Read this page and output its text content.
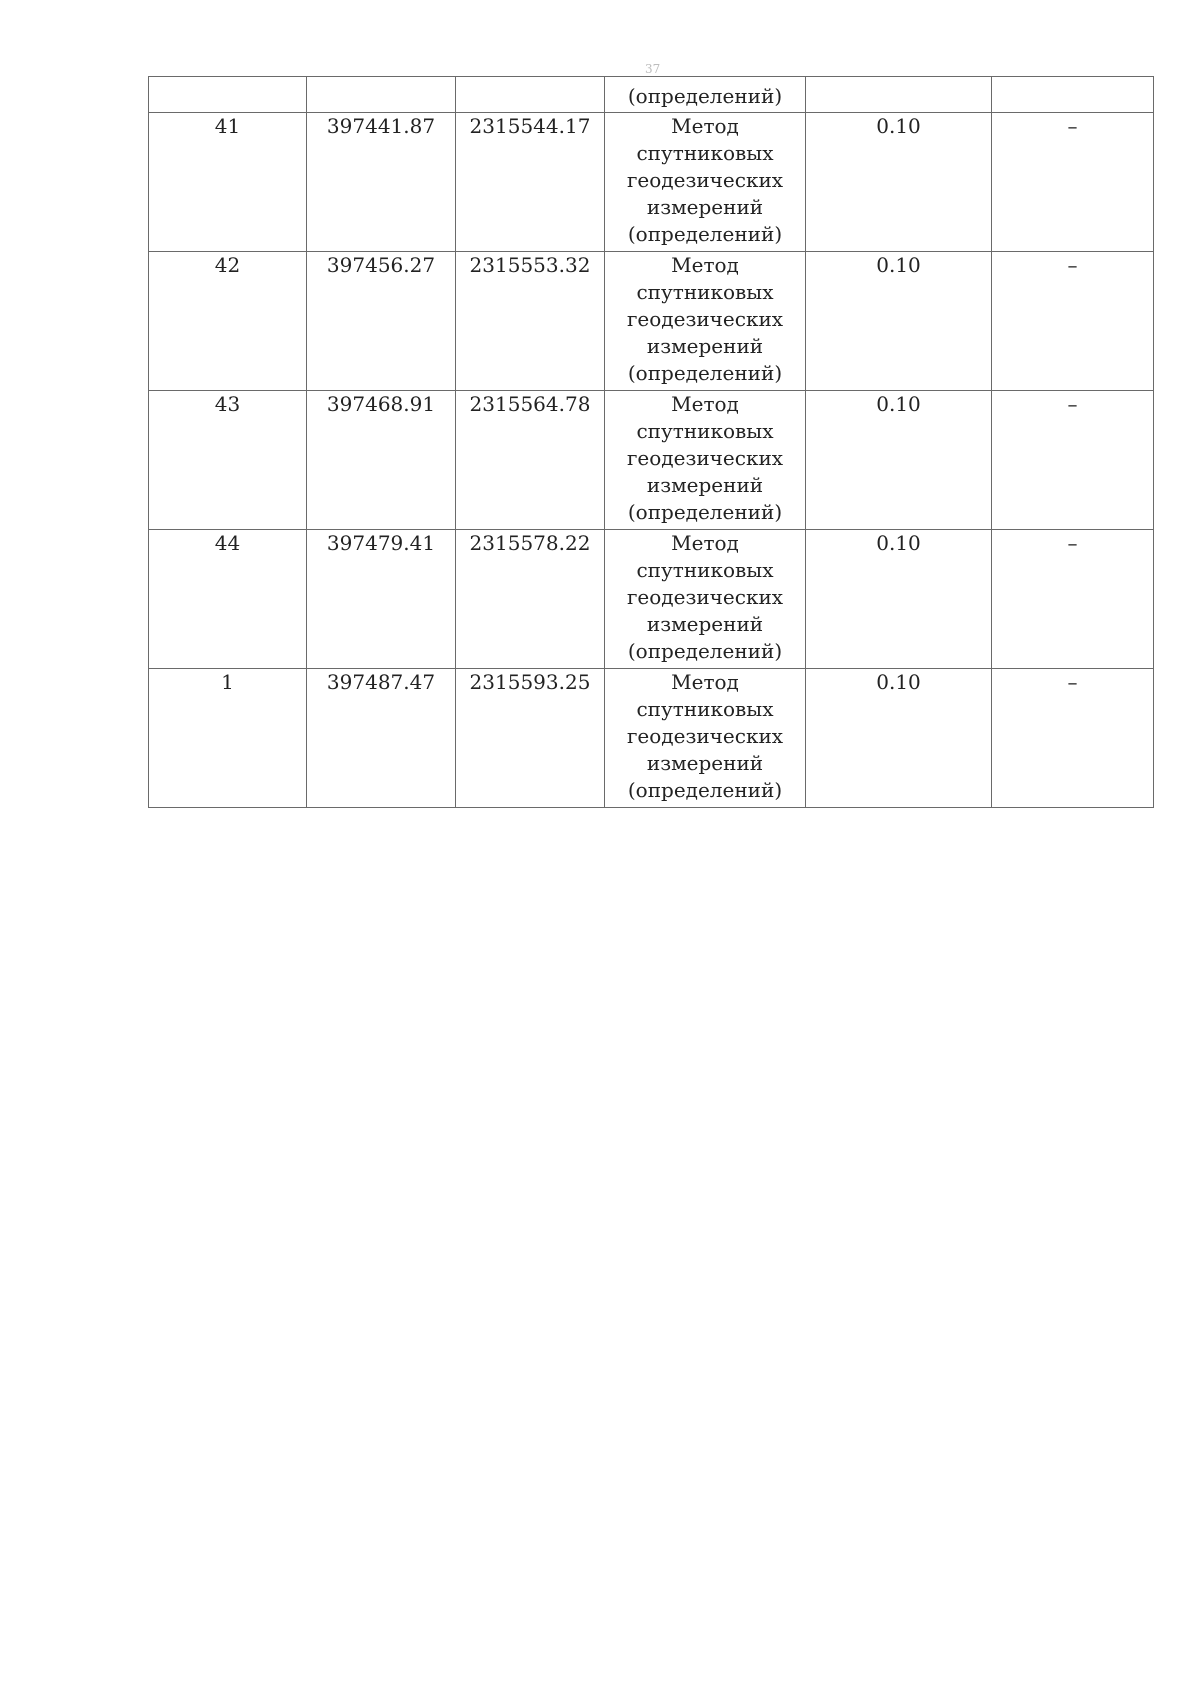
37
			(определений)		
41	397441.87	2315544.17	Метод
спутниковых
геодезических
измерений
(определений)	0.10	–
42	397456.27	2315553.32	Метод
спутниковых
геодезических
измерений
(определений)	0.10	–
43	397468.91	2315564.78	Метод
спутниковых
геодезических
измерений
(определений)	0.10	–
44	397479.41	2315578.22	Метод
спутниковых
геодезических
измерений
(определений)	0.10	–
1	397487.47	2315593.25	Метод
спутниковых
геодезических
измерений
(определений)	0.10	–
